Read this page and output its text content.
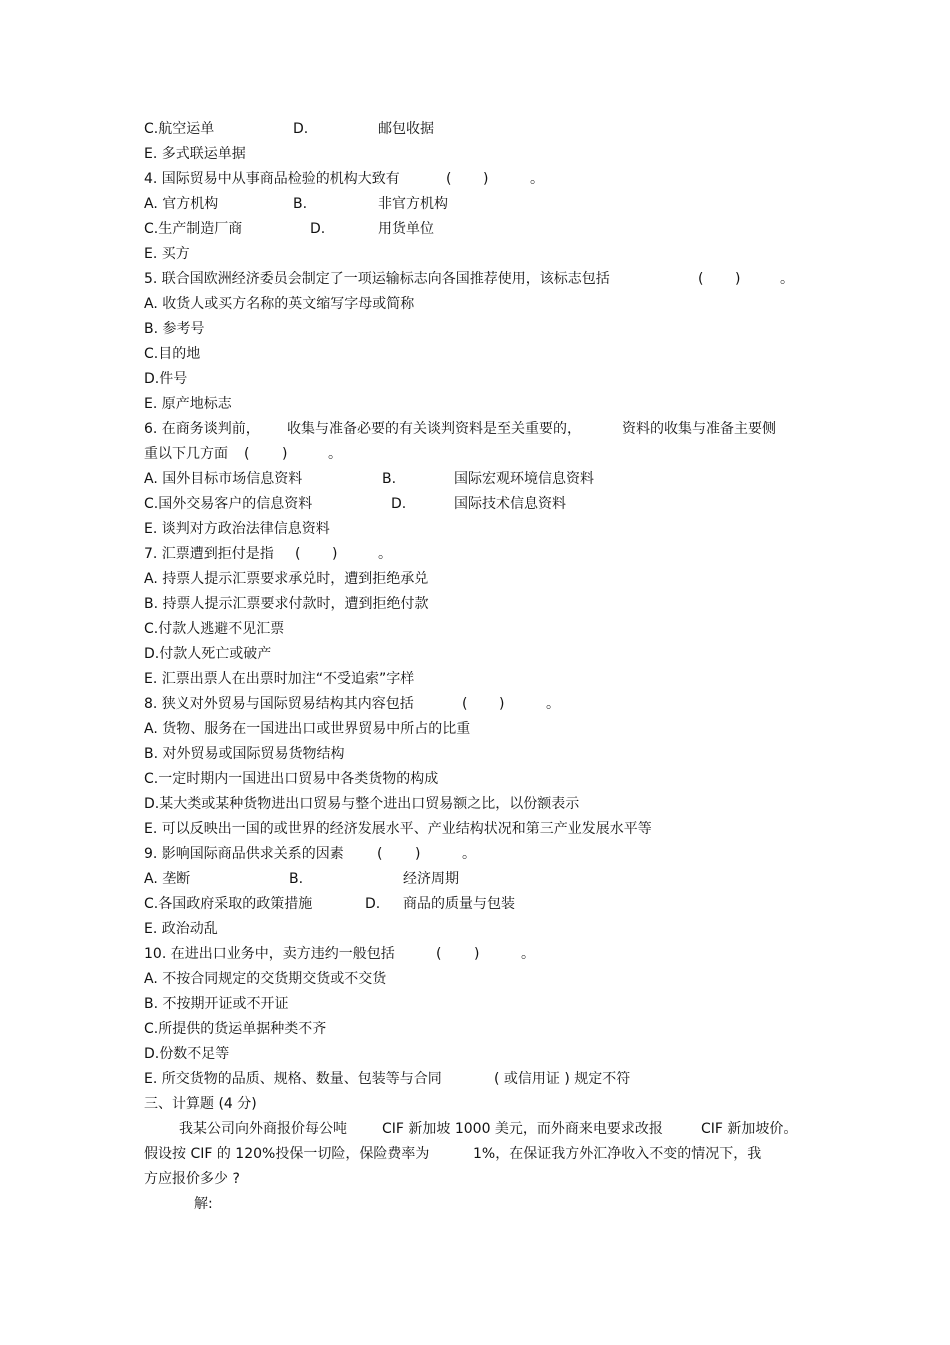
C.航空运单	D.	邮包收据
E. 多式联运单据
4. 国际贸易中从事商品检验的机构大致有	( )	。
A. 官方机构	B.	非官方机构
C.生产制造厂商	D.	用货单位
E. 买方
5. 联合国欧洲经济委员会制定了一项运输标志向各国推荐使用，该标志包括	( )	。
A. 收货人或买方名称的英文缩写字母或简称
B. 参考号
C.目的地
D.件号
E. 原产地标志
6. 在商务谈判前， 收集与准备必要的有关谈判资料是至关重要的，	资料的收集与准备主要侧
重以下几方面 ( )	。
A. 国外目标市场信息资料	B.	国际宏观环境信息资料
C.国外交易客户的信息资料	D.	国际技术信息资料
E. 谈判对方政治法律信息资料
7. 汇票遭到拒付是指 ( )	。
A. 持票人提示汇票要求承兑时，遭到拒绝承兑
B. 持票人提示汇票要求付款时，遭到拒绝付款
C.付款人逃避不见汇票
D.付款人死亡或破产
E. 汇票出票人在出票时加注“不受追索”字样
8. 狭义对外贸易与国际贸易结构其内容包括	( )	。
A. 货物、服务在一国进出口或世界贸易中所占的比重
B. 对外贸易或国际贸易货物结构
C.一定时期内一国进出口贸易中各类货物的构成
D.某大类或某种货物进出口贸易与整个进出口贸易额之比，以份额表示
E. 可以反映出一国的或世界的经济发展水平、产业结构状况和第三产业发展水平等
9. 影响国际商品供求关系的因素 ( )	。
A. 垄断	B.	经济周期
C.各国政府采取的政策措施	D. 商品的质量与包装
E. 政治动乱
10. 在进出口业务中，卖方违约一般包括	( )	。
A. 不按合同规定的交货期交货或不交货
B. 不按期开证或不开证
C.所提供的货运单据种类不齐
D.份数不足等
E. 所交货物的品质、规格、数量、包装等与合同	( 或信用证 ) 规定不符
三、计算题 (4 分)
我某公司向外商报价每公吨	CIF 新加坡 1000 美元，而外商来电要求改报	CIF 新加坡价。
假设按 CIF 的 120%投保一切险，保险费率为	1%，在保证我方外汇净收入不变的情况下，我
方应报价多少 ?
解:
